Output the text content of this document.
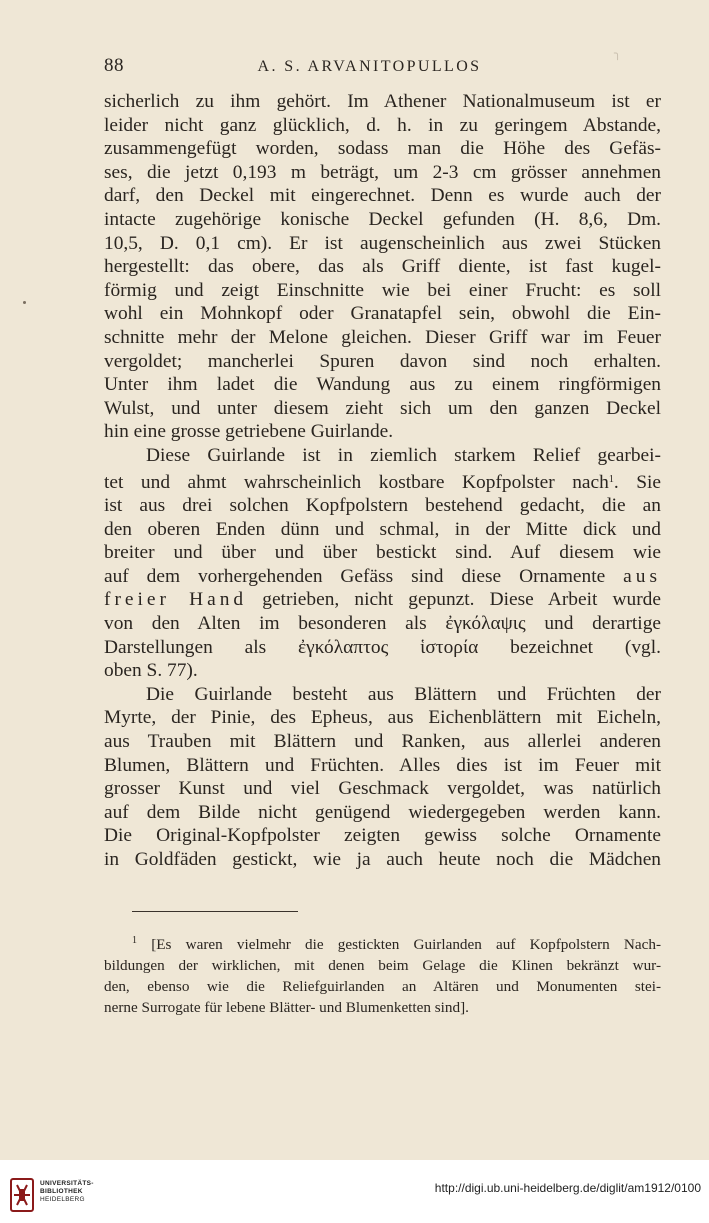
╮
88	A. S. ARVANITOPULLOS
sicherlich zu ihm gehört. Im Athener Nationalmuseum ist er
leider nicht ganz glücklich, d. h. in zu geringem Abstande,
zusammengefügt worden, sodass man die Höhe des Gefäs-
ses, die jetzt 0,193 m beträgt, um 2-3 cm grösser annehmen
darf, den Deckel mit eingerechnet. Denn es wurde auch der
intacte zugehörige konische Deckel gefunden (H. 8,6, Dm.
10,5, D. 0,1 cm). Er ist augenscheinlich aus zwei Stücken
hergestellt: das obere, das als Griff diente, ist fast kugel-
förmig und zeigt Einschnitte wie bei einer Frucht: es soll
wohl ein Mohnkopf oder Granatapfel sein, obwohl die Ein-
schnitte mehr der Melone gleichen. Dieser Griff war im Feuer
vergoldet; mancherlei Spuren davon sind noch erhalten.
Unter ihm ladet die Wandung aus zu einem ringförmigen
Wulst, und unter diesem zieht sich um den ganzen Deckel
hin eine grosse getriebene Guirlande.
Diese Guirlande ist in ziemlich starkem Relief gearbei-
tet und ahmt wahrscheinlich kostbare Kopfpolster nach$^1$. Sie
ist aus drei solchen Kopfpolstern bestehend gedacht, die an
den oberen Enden dünn und schmal, in der Mitte dick und
breiter und über und über bestickt sind. Auf diesem wie
auf dem vorhergehenden Gefäss sind diese Ornamente aus
freier Hand getrieben, nicht gepunzt. Diese Arbeit wurde
von den Alten im besonderen als ἐγκόλαψις und derartige
Darstellungen als ἐγκόλαπτος ἱστορία bezeichnet (vgl.
oben S. 77).
Die Guirlande besteht aus Blättern und Früchten der
Myrte, der Pinie, des Epheus, aus Eichenblättern mit Eicheln,
aus Trauben mit Blättern und Ranken, aus allerlei anderen
Blumen, Blättern und Früchten. Alles dies ist im Feuer mit
grosser Kunst und viel Geschmack vergoldet, was natürlich
auf dem Bilde nicht genügend wiedergegeben werden kann.
Die Original-Kopfpolster zeigten gewiss solche Ornamente
in Goldfäden gestickt, wie ja auch heute noch die Mädchen
$^1$ [Es waren vielmehr die gestickten Guirlanden auf Kopfpolstern Nach-
bildungen der wirklichen, mit denen beim Gelage die Klinen bekränzt wur-
den, ebenso wie die Reliefguirlanden an Altären und Monumenten stei-
nerne Surrogate für lebene Blätter- und Blumenketten sind].
UNIVERSITÄTS-
BIBLIOTHEK
HEIDELBERG
http://digi.ub.uni-heidelberg.de/diglit/am1912/0100
